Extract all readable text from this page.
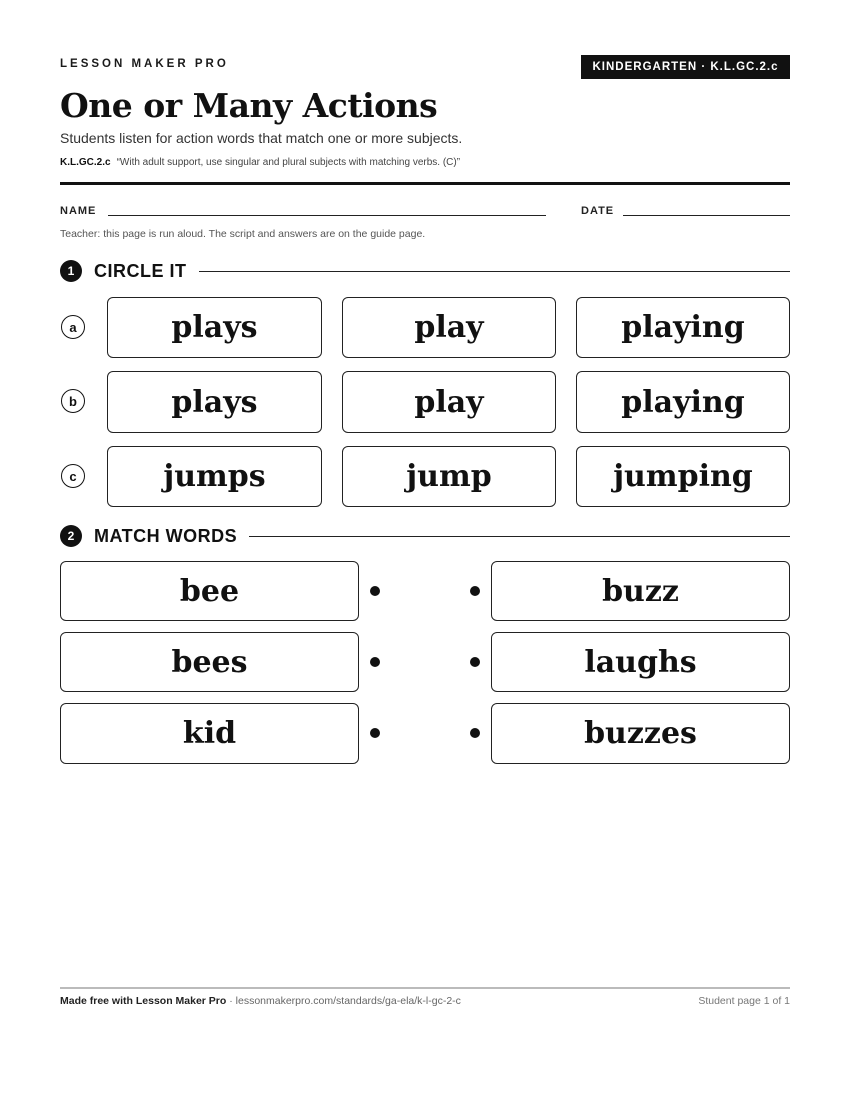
LESSON MAKER PRO	KINDERGARTEN · K.L.GC.2.c
One or Many Actions
Students listen for action words that match one or more subjects.
K.L.GC.2.c “With adult support, use singular and plural subjects with matching verbs. (C)”
NAME	DATE
Teacher: this page is run aloud. The script and answers are on the guide page.
1	CIRCLE IT
a	plays	play	playing
b	plays	play	playing
c	jumps	jump	jumping
2	MATCH WORDS
bee	buzz
bees	laughs
kid	buzzes
Made free with Lesson Maker Pro · lessonmakerpro.com/standards/ga-ela/k-l-gc-2-c	Student page 1 of 1
